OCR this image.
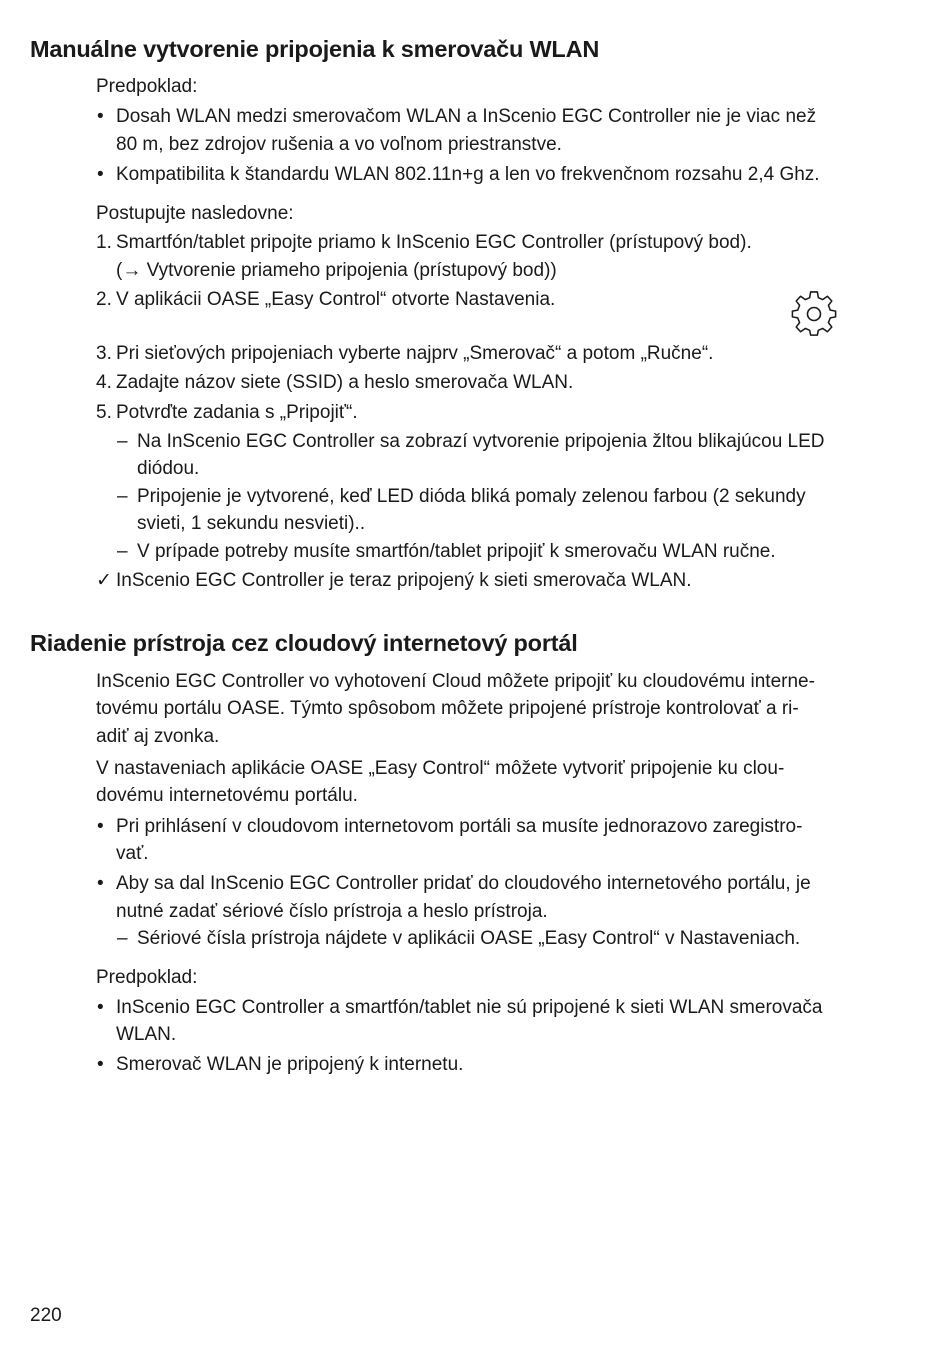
Manuálne vytvorenie pripojenia k smerovaču WLAN
Predpoklad:
• Dosah WLAN medzi smerovačom WLAN a InScenio EGC Controller nie je viac než
80 m, bez zdrojov rušenia a vo voľnom priestranstve.
• Kompatibilita k štandardu WLAN 802.11n+g a len vo frekvenčnom rozsahu 2,4 Ghz.
Postupujte nasledovne:
1. Smartfón/tablet pripojte priamo k InScenio EGC Controller (prístupový bod).
(→ Vytvorenie priameho pripojenia (prístupový bod))
2. V aplikácii OASE „Easy Control“ otvorte Nastavenia.
3. Pri sieťových pripojeniach vyberte najprv „Smerovač“ a potom „Ručne“.
4. Zadajte názov siete (SSID) a heslo smerovača WLAN.
5. Potvrďte zadania s „Pripojiť“.
– Na InScenio EGC Controller sa zobrazí vytvorenie pripojenia žltou blikajúcou LED
diódou.
– Pripojenie je vytvorené, keď LED dióda bliká pomaly zelenou farbou (2 sekundy
svieti, 1 sekundu nesvieti)..
– V prípade potreby musíte smartfón/tablet pripojiť k smerovaču WLAN ručne.
✓ InScenio EGC Controller je teraz pripojený k sieti smerovača WLAN.
Riadenie prístroja cez cloudový internetový portál
InScenio EGC Controller vo vyhotovení Cloud môžete pripojiť ku cloudovému interne-
tovému portálu OASE. Týmto spôsobom môžete pripojené prístroje kontrolovať a ri-
adiť aj zvonka.
V nastaveniach aplikácie OASE „Easy Control“ môžete vytvoriť pripojenie ku clou-
dovému internetovému portálu.
• Pri prihlásení v cloudovom internetovom portáli sa musíte jednorazovo zaregistro-
vať.
• Aby sa dal InScenio EGC Controller pridať do cloudového internetového portálu, je
nutné zadať sériové číslo prístroja a heslo prístroja.
– Sériové čísla prístroja nájdete v aplikácii OASE „Easy Control“ v Nastaveniach.
Predpoklad:
• InScenio EGC Controller a smartfón/tablet nie sú pripojené k sieti WLAN smerovača
WLAN.
• Smerovač WLAN je pripojený k internetu.
220
